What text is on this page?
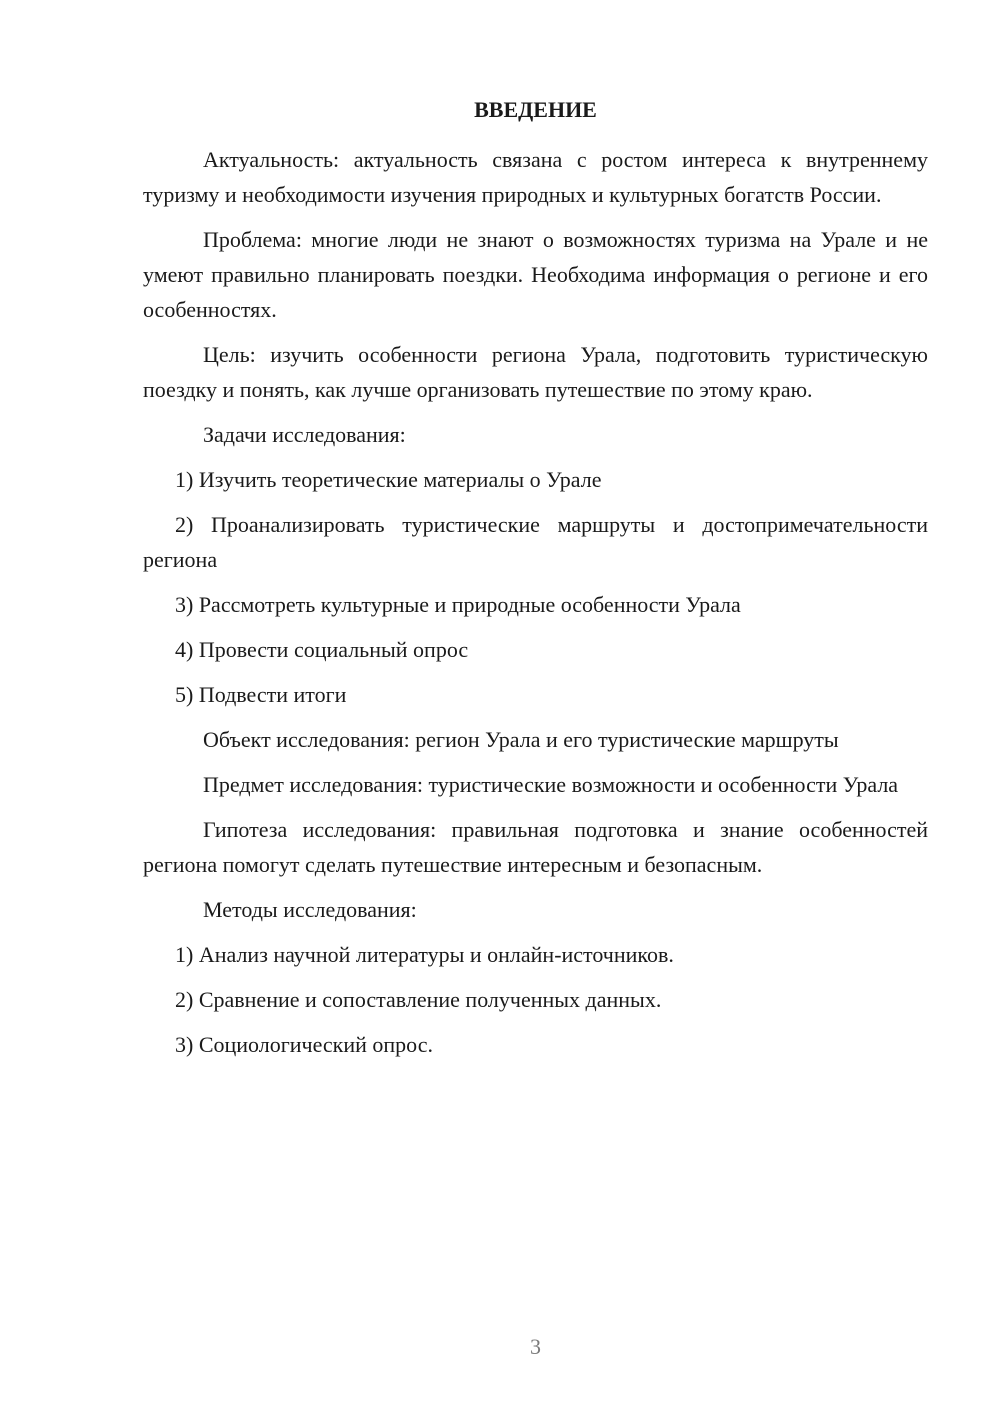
ВВЕДЕНИЕ

Актуальность: актуальность связана с ростом интереса к внутреннему туризму и необходимости изучения природных и культурных богатств России.

Проблема: многие люди не знают о возможностях туризма на Урале и не умеют правильно планировать поездки. Необходима информация о регионе и его особенностях.

Цель: изучить особенности региона Урала, подготовить туристическую поездку и понять, как лучше организовать путешествие по этому краю.

Задачи исследования:

1) Изучить теоретические материалы о Урале

2) Проанализировать туристические маршруты и достопримечательности региона

3) Рассмотреть культурные и природные особенности Урала

4) Провести социальный опрос

5) Подвести итоги

Объект исследования: регион Урала и его туристические маршруты

Предмет исследования: туристические возможности и особенности Урала

Гипотеза исследования: правильная подготовка и знание особенностей региона помогут сделать путешествие интересным и безопасным.

Методы исследования:

1) Анализ научной литературы и онлайн-источников.

2) Сравнение и сопоставление полученных данных.

3) Социологический опрос.

3
